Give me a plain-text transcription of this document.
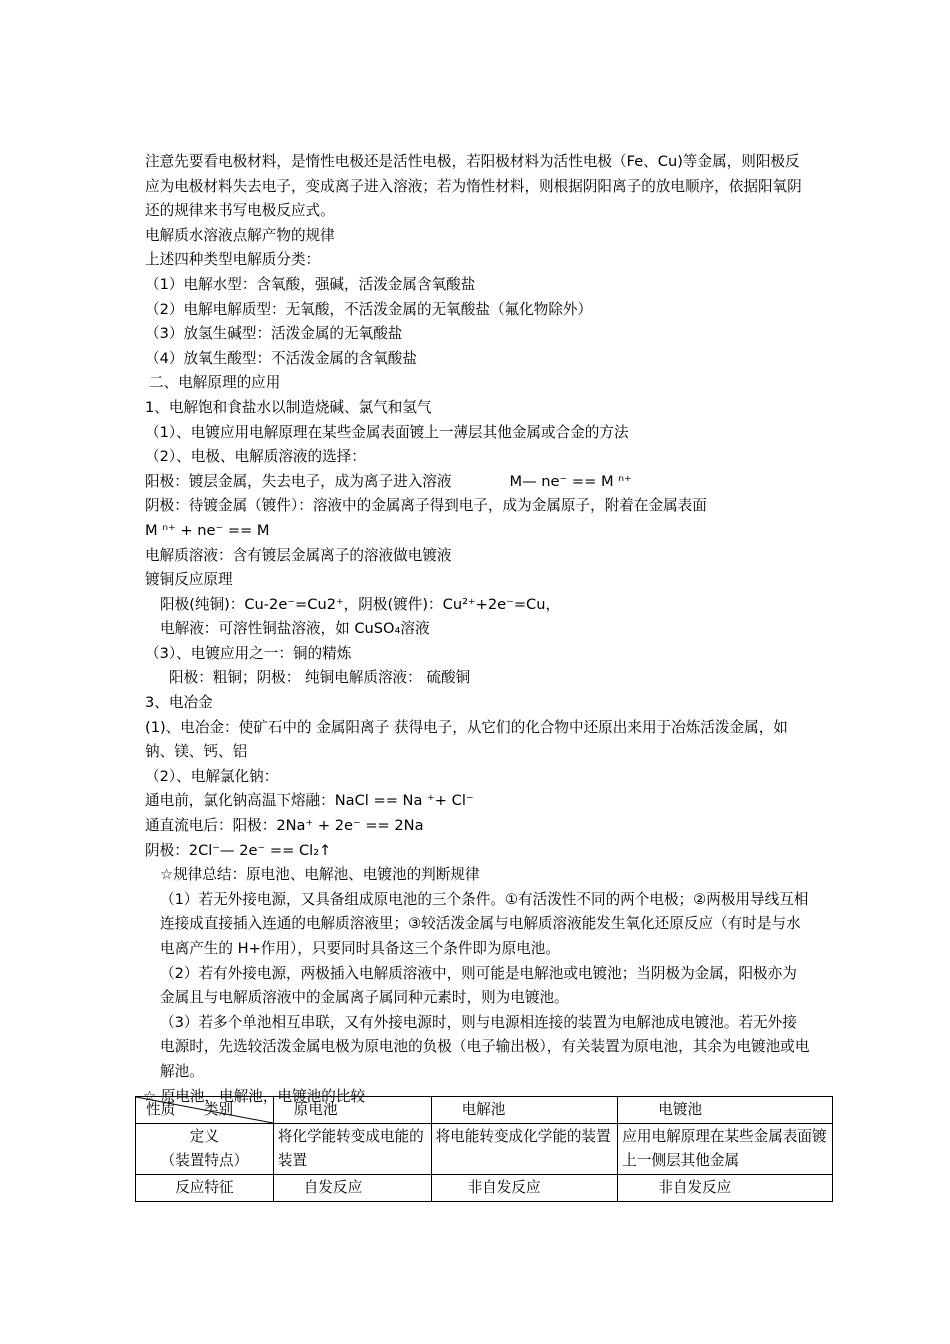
注意先要看电极材料，是惰性电极还是活性电极，若阳极材料为活性电极（Fe、Cu)等金属，则阳极反应为电极材料失去电子，变成离子进入溶液；若为惰性材料，则根据阴阳离子的放电顺序，依据阳氧阴还的规律来书写电极反应式。
电解质水溶液点解产物的规律
上述四种类型电解质分类：
（1）电解水型：含氧酸，强碱，活泼金属含氧酸盐
（2）电解电解质型：无氧酸，不活泼金属的无氧酸盐（氟化物除外）
（3）放氢生碱型：活泼金属的无氧酸盐
（4）放氧生酸型：不活泼金属的含氧酸盐
二、电解原理的应用
1、电解饱和食盐水以制造烧碱、氯气和氢气
（1）、电镀应用电解原理在某些金属表面镀上一薄层其他金属或合金的方法
（2）、电极、电解质溶液的选择：
阳极：镀层金属，失去电子，成为离子进入溶液	M— ne⁻ == M ⁿ⁺
阴极：待镀金属（镀件）：溶液中的金属离子得到电子，成为金属原子，附着在金属表面
M ⁿ⁺ + ne⁻ == M
电解质溶液：含有镀层金属离子的溶液做电镀液
镀铜反应原理
阳极(纯铜)：Cu-2e⁻=Cu2⁺，阴极(镀件)：Cu²⁺+2e⁻=Cu，
电解液：可溶性铜盐溶液，如 CuSO₄溶液
（3）、电镀应用之一：铜的精炼
阳极：粗铜；阴极： 纯铜电解质溶液： 硫酸铜
3、电冶金
(1)、电冶金：使矿石中的 金属阳离子 获得电子，从它们的化合物中还原出来用于冶炼活泼金属，如钠、镁、钙、铝
（2）、电解氯化钠：
通电前，氯化钠高温下熔融：NaCl == Na ⁺+ Cl⁻
通直流电后：阳极：2Na⁺ + 2e⁻ == 2Na
阴极：2Cl⁻— 2e⁻ == Cl₂↑
☆规律总结：原电池、电解池、电镀池的判断规律
（1）若无外接电源，又具备组成原电池的三个条件。①有活泼性不同的两个电极；②两极用导线互相连接成直接插入连通的电解质溶液里；③较活泼金属与电解质溶液能发生氧化还原反应（有时是与水电离产生的 H+作用），只要同时具备这三个条件即为原电池。
（2）若有外接电源，两极插入电解质溶液中，则可能是电解池或电镀池；当阴极为金属，阳极亦为金属且与电解质溶液中的金属离子属同种元素时，则为电镀池。
（3）若多个单池相互串联，又有外接电源时，则与电源相连接的装置为电解池成电镀池。若无外接电源时，先选较活泼金属电极为原电池的负极（电子输出极），有关装置为原电池，其余为电镀池或电解池。
☆ 原电池，电解池，电镀池的比较
性质 类别	原电池	电解池	电镀池

定义
（装置特点）	将化学能转变成电能的装置	将电能转变成化学能的装置	应用电解原理在某些金属表面镀上一侧层其他金属
反应特征	自发反应	非自发反应	非自发反应
